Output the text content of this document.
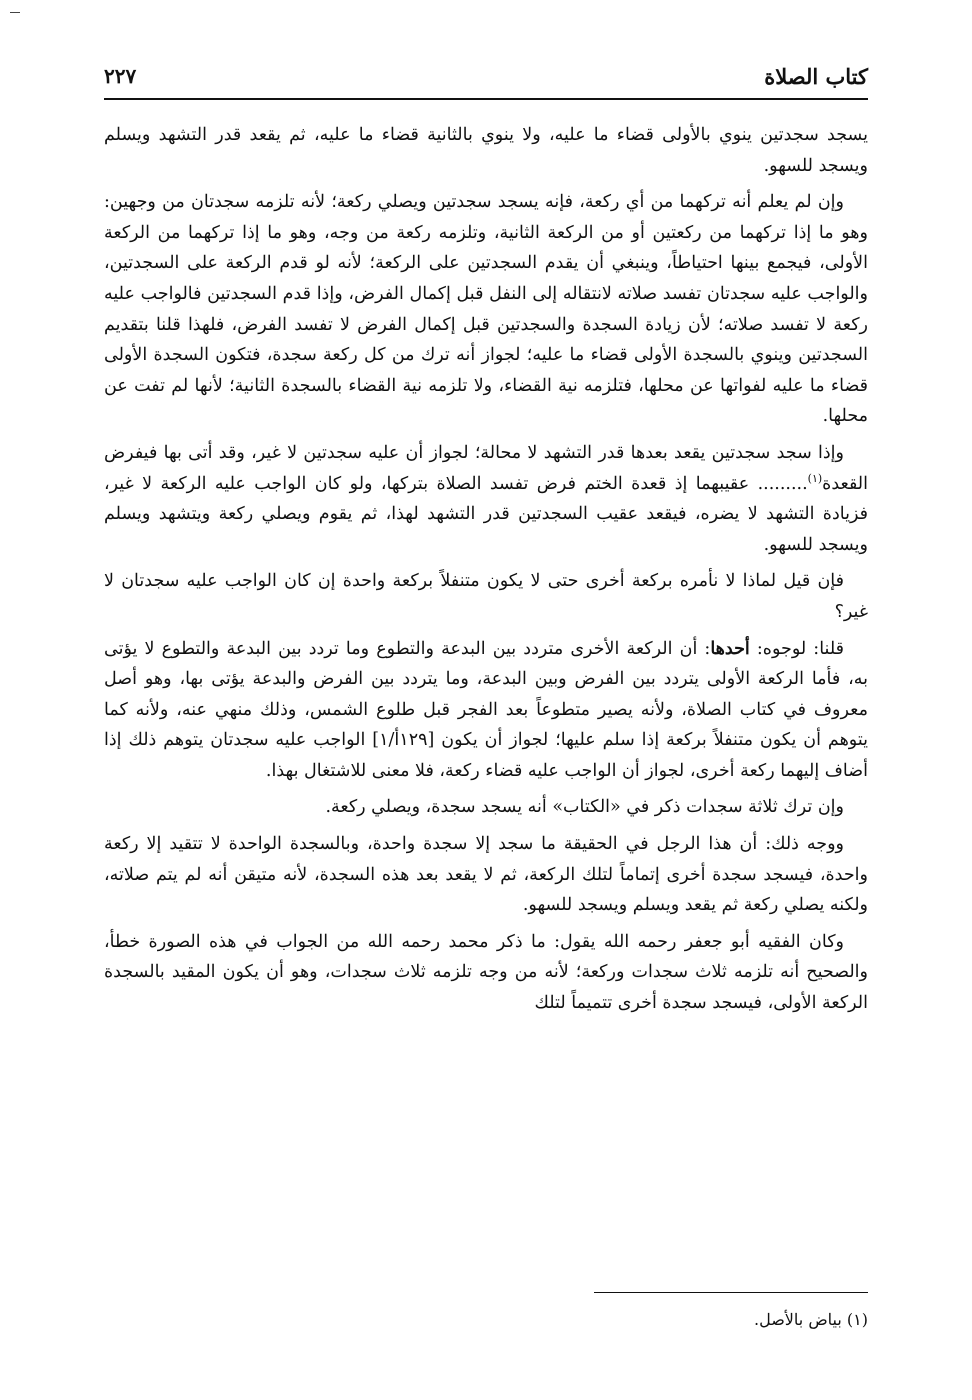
كتاب الصلاة
٢٢٧

يسجد سجدتين ينوي بالأولى قضاء ما عليه، ولا ينوي بالثانية قضاء ما عليه، ثم يقعد قدر التشهد ويسلم ويسجد للسهو.

وإن لم يعلم أنه تركهما من أي ركعة، فإنه يسجد سجدتين ويصلي ركعة؛ لأنه تلزمه سجدتان من وجهين: وهو ما إذا تركهما من ركعتين أو من الركعة الثانية، وتلزمه ركعة من وجه، وهو ما إذا تركهما من الركعة الأولى، فيجمع بينها احتياطاً، وينبغي أن يقدم السجدتين على الركعة؛ لأنه لو قدم الركعة على السجدتين، والواجب عليه سجدتان تفسد صلاته لانتقاله إلى النفل قبل إكمال الفرض، وإذا قدم السجدتين فالواجب عليه ركعة لا تفسد صلاته؛ لأن زيادة السجدة والسجدتين قبل إكمال الفرض لا تفسد الفرض، فلهذا قلنا بتقديم السجدتين وينوي بالسجدة الأولى قضاء ما عليه؛ لجواز أنه ترك من كل ركعة سجدة، فتكون السجدة الأولى قضاء ما عليه لفواتها عن محلها، فتلزمه نية القضاء، ولا تلزمه نية القضاء بالسجدة الثانية؛ لأنها لم تفت عن محلها.

وإذا سجد سجدتين يقعد بعدها قدر التشهد لا محالة؛ لجواز أن عليه سجدتين لا غير، وقد أتى بها فيفرض القعدة$^{(١)}$......... عقيبهما إذ قعدة الختم فرض تفسد الصلاة بتركها، ولو كان الواجب عليه الركعة لا غير، فزيادة التشهد لا يضره، فيقعد عقيب السجدتين قدر التشهد لهذا، ثم يقوم ويصلي ركعة ويتشهد ويسلم ويسجد للسهو.

فإن قيل لماذا لا نأمره بركعة أخرى حتى لا يكون متنفلاً بركعة واحدة إن كان الواجب عليه سجدتان لا غير؟

قلنا: لوجوه: أحدها: أن الركعة الأخرى متردد بين البدعة والتطوع وما تردد بين البدعة والتطوع لا يؤتى به، فأما الركعة الأولى يتردد بين الفرض وبين البدعة، وما يتردد بين الفرض والبدعة يؤتى بها، وهو أصل معروف في كتاب الصلاة، ولأنه يصير متطوعاً بعد الفجر قبل طلوع الشمس، وذلك منهي عنه، ولأنه كما يتوهم أن يكون متنفلاً بركعة إذا سلم عليها؛ لجواز أن يكون [١٢٩أ/١] الواجب عليه سجدتان يتوهم ذلك إذا أضاف إليهما ركعة أخرى، لجواز أن الواجب عليه قضاء ركعة، فلا معنى للاشتغال بهذا.

وإن ترك ثلاثة سجدات ذكر في «الكتاب» أنه يسجد سجدة، ويصلي ركعة.

ووجه ذلك: أن هذا الرجل في الحقيقة ما سجد إلا سجدة واحدة، وبالسجدة الواحدة لا تتقيد إلا ركعة واحدة، فيسجد سجدة أخرى إتماماً لتلك الركعة، ثم لا يقعد بعد هذه السجدة، لأنه متيقن أنه لم يتم صلاته، ولكنه يصلي ركعة ثم يقعد ويسلم ويسجد للسهو.

وكان الفقيه أبو جعفر رحمه الله يقول: ما ذكر محمد رحمه الله من الجواب في هذه الصورة خطأ، والصحيح أنه تلزمه ثلاث سجدات وركعة؛ لأنه من وجه تلزمه ثلاث سجدات، وهو أن يكون المقيد بالسجدة الركعة الأولى، فيسجد سجدة أخرى تتميماً لتلك

(١) بياض بالأصل.
